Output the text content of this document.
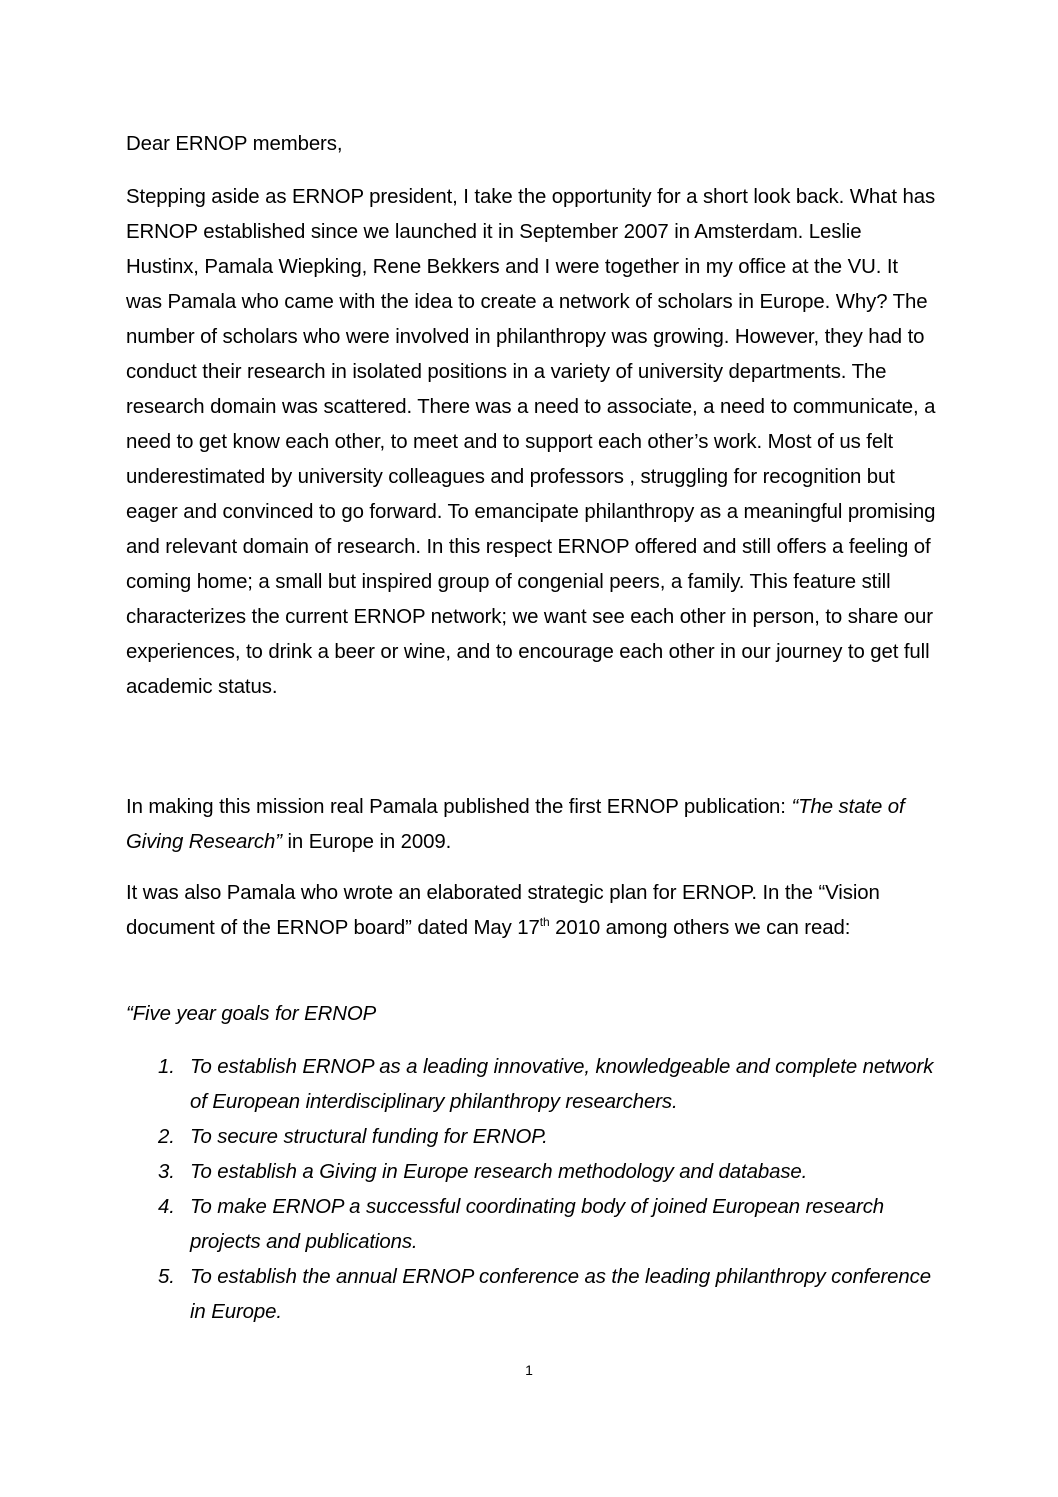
Dear ERNOP members,

Stepping aside as ERNOP president, I take the opportunity for a short look back. What has ERNOP established since we launched it in September 2007 in Amsterdam. Leslie Hustinx, Pamala Wiepking, Rene Bekkers and I were together in my office at the VU. It was Pamala who came with the idea to create a network of scholars in Europe. Why? The number of scholars who were involved in philanthropy was growing. However, they had to conduct their research in isolated positions in a variety of university departments. The research domain was scattered. There was a need to associate, a need to communicate, a need to get know each other, to meet and to support each other’s work. Most of us felt underestimated by university colleagues and professors , struggling for recognition but eager and convinced to go forward. To emancipate philanthropy as a meaningful promising and relevant domain of research. In this respect ERNOP offered and still offers a feeling of coming home; a small but inspired group of congenial peers, a family. This feature still characterizes the current ERNOP network; we want see each other in person, to share our experiences, to drink a beer or wine, and to encourage each other in our journey to get full academic status.

In making this mission real Pamala published the first ERNOP publication: “The state of Giving Research” in Europe in 2009.

It was also Pamala who wrote an elaborated strategic plan for ERNOP. In the “Vision document of the ERNOP board” dated May 17th 2010 among others we can read:

“Five year goals for ERNOP

1. To establish ERNOP as a leading innovative, knowledgeable and complete network of European interdisciplinary philanthropy researchers.
2. To secure structural funding for ERNOP.
3. To establish a Giving in Europe research methodology and database.
4. To make ERNOP a successful coordinating body of joined European research projects and publications.
5. To establish the annual ERNOP conference as the leading philanthropy conference in Europe.
1
